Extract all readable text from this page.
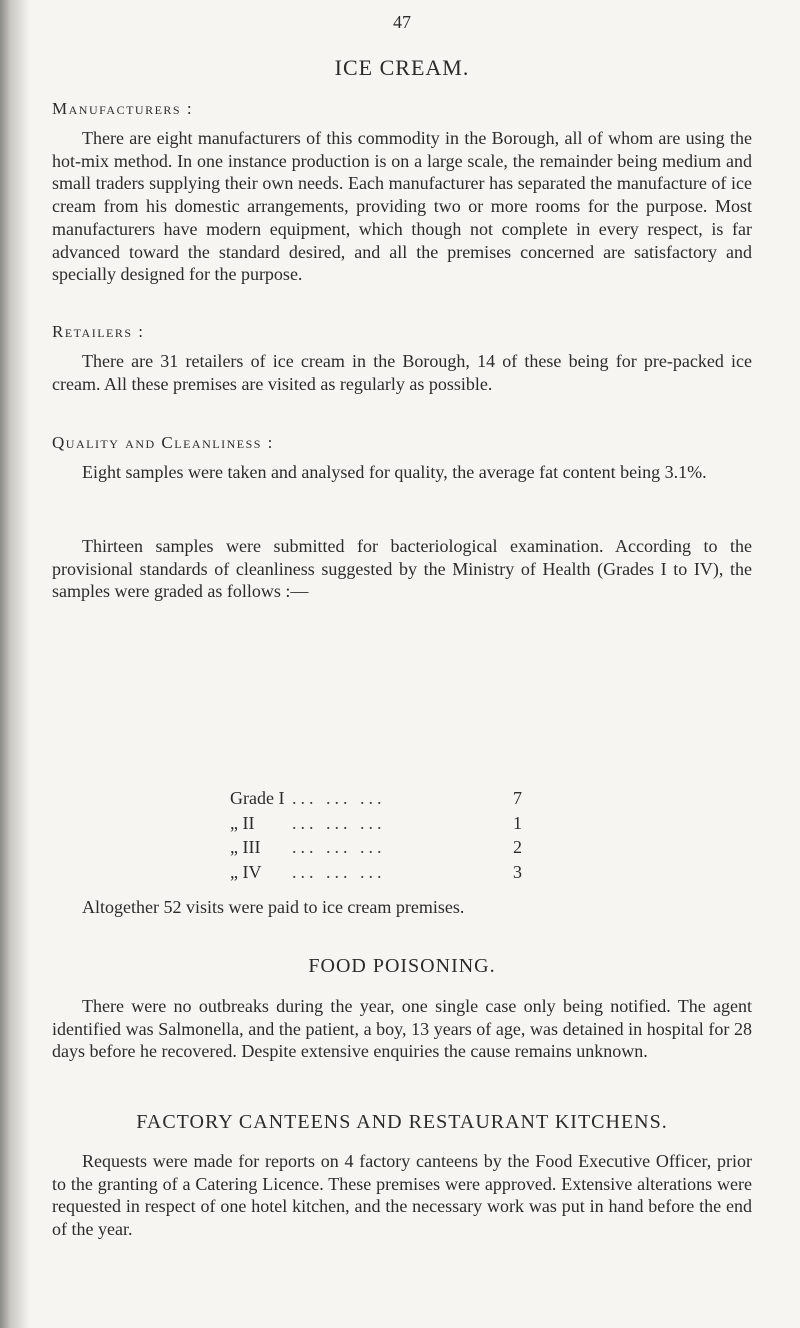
47
ICE CREAM.
Manufacturers :

There are eight manufacturers of this commodity in the Borough, all of whom are using the hot-mix method. In one instance production is on a large scale, the remainder being medium and small traders supplying their own needs. Each manufacturer has separated the manufacture of ice cream from his domestic arrangements, providing two or more rooms for the purpose. Most manufacturers have modern equipment, which though not complete in every respect, is far advanced toward the standard desired, and all the premises concerned are satisfactory and specially designed for the purpose.

Retailers :

There are 31 retailers of ice cream in the Borough, 14 of these being for pre-packed ice cream. All these premises are visited as regularly as possible.

Quality and Cleanliness :

Eight samples were taken and analysed for quality, the average fat content being 3.1%.

Thirteen samples were submitted for bacteriological examination. According to the provisional standards of cleanliness suggested by the Ministry of Health (Grades I to IV), the samples were graded as follows :—

Grade I ... ... ...	7
„ II	... ... ...	1
„ III	... ... ...	2
„ IV	... ... ...	3
Altogether 52 visits were paid to ice cream premises.
FOOD POISONING.

There were no outbreaks during the year, one single case only being notified. The agent identified was Salmonella, and the patient, a boy, 13 years of age, was detained in hospital for 28 days before he recovered. Despite extensive enquiries the cause remains unknown.

FACTORY CANTEENS AND RESTAURANT KITCHENS.

Requests were made for reports on 4 factory canteens by the Food Executive Officer, prior to the granting of a Catering Licence. These premises were approved. Extensive alterations were requested in respect of one hotel kitchen, and the necessary work was put in hand before the end of the year.
